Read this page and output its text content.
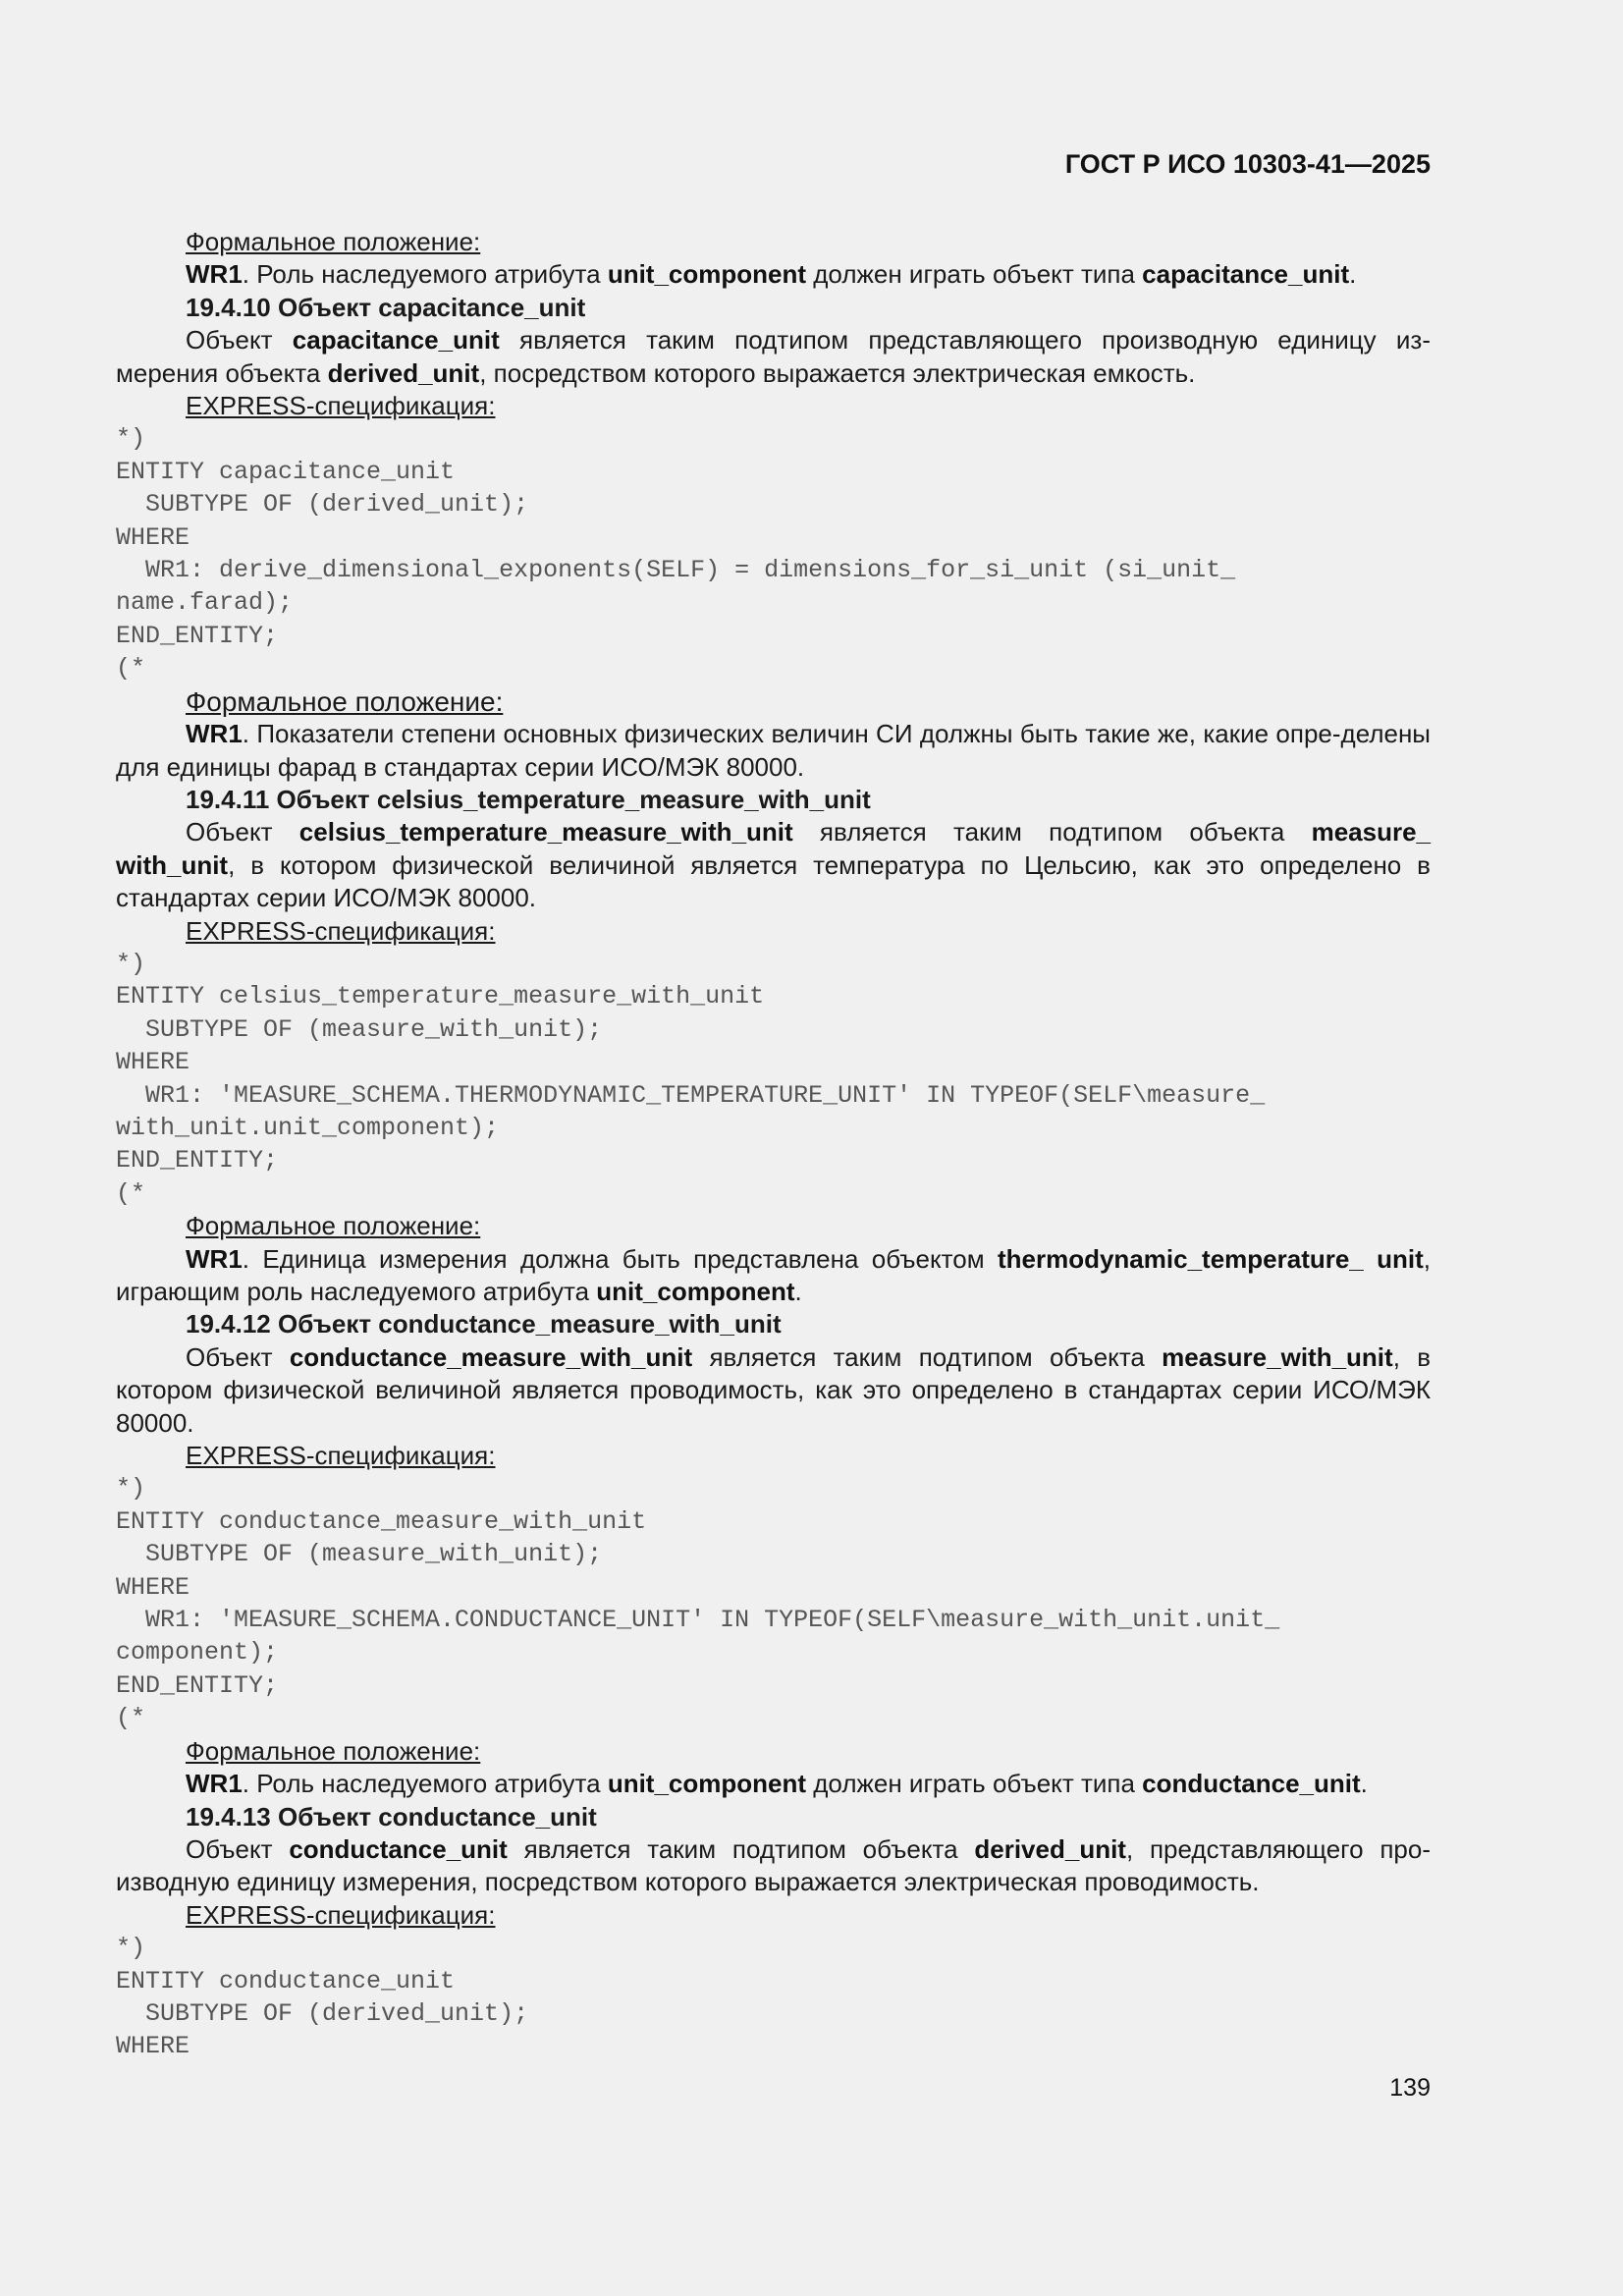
ГОСТ Р ИСО 10303-41—2025

Формальное положение:

WR1. Роль наследуемого атрибута unit_component должен играть объект типа capacitance_unit.

19.4.10 Объект capacitance_unit

Объект capacitance_unit является таким подтипом представляющего производную единицу из-мерения объекта derived_unit, посредством которого выражается электрическая емкость.

EXPRESS-спецификация:

*)
ENTITY capacitance_unit
SUBTYPE OF (derived_unit);
WHERE
WR1: derive_dimensional_exponents(SELF) = dimensions_for_si_unit (si_unit_
name.farad);
END_ENTITY;
(*

Формальное положение:

WR1. Показатели степени основных физических величин СИ должны быть такие же, какие опре-делены для единицы фарад в стандартах серии ИСО/МЭК 80000.

19.4.11 Объект celsius_temperature_measure_with_unit

Объект celsius_temperature_measure_with_unit является таким подтипом объекта measure_ with_unit, в котором физической величиной является температура по Цельсию, как это определено в стандартах серии ИСО/МЭК 80000.

EXPRESS-спецификация:

*)
ENTITY celsius_temperature_measure_with_unit
SUBTYPE OF (measure_with_unit);
WHERE
WR1: 'MEASURE_SCHEMA.THERMODYNAMIC_TEMPERATURE_UNIT' IN TYPEOF(SELF\measure_
with_unit.unit_component);
END_ENTITY;
(*

Формальное положение:

WR1. Единица измерения должна быть представлена объектом thermodynamic_temperature_ unit, играющим роль наследуемого атрибута unit_component.

19.4.12 Объект conductance_measure_with_unit

Объект conductance_measure_with_unit является таким подтипом объекта measure_with_unit, в котором физической величиной является проводимость, как это определено в стандартах серии ИСО/МЭК 80000.

EXPRESS-спецификация:

*)
ENTITY conductance_measure_with_unit
SUBTYPE OF (measure_with_unit);
WHERE
WR1: 'MEASURE_SCHEMA.CONDUCTANCE_UNIT' IN TYPEOF(SELF\measure_with_unit.unit_
component);
END_ENTITY;
(*

Формальное положение:

WR1. Роль наследуемого атрибута unit_component должен играть объект типа conductance_unit.

19.4.13 Объект conductance_unit

Объект conductance_unit является таким подтипом объекта derived_unit, представляющего про-изводную единицу измерения, посредством которого выражается электрическая проводимость.

EXPRESS-спецификация:

*)
ENTITY conductance_unit
SUBTYPE OF (derived_unit);
WHERE
139
